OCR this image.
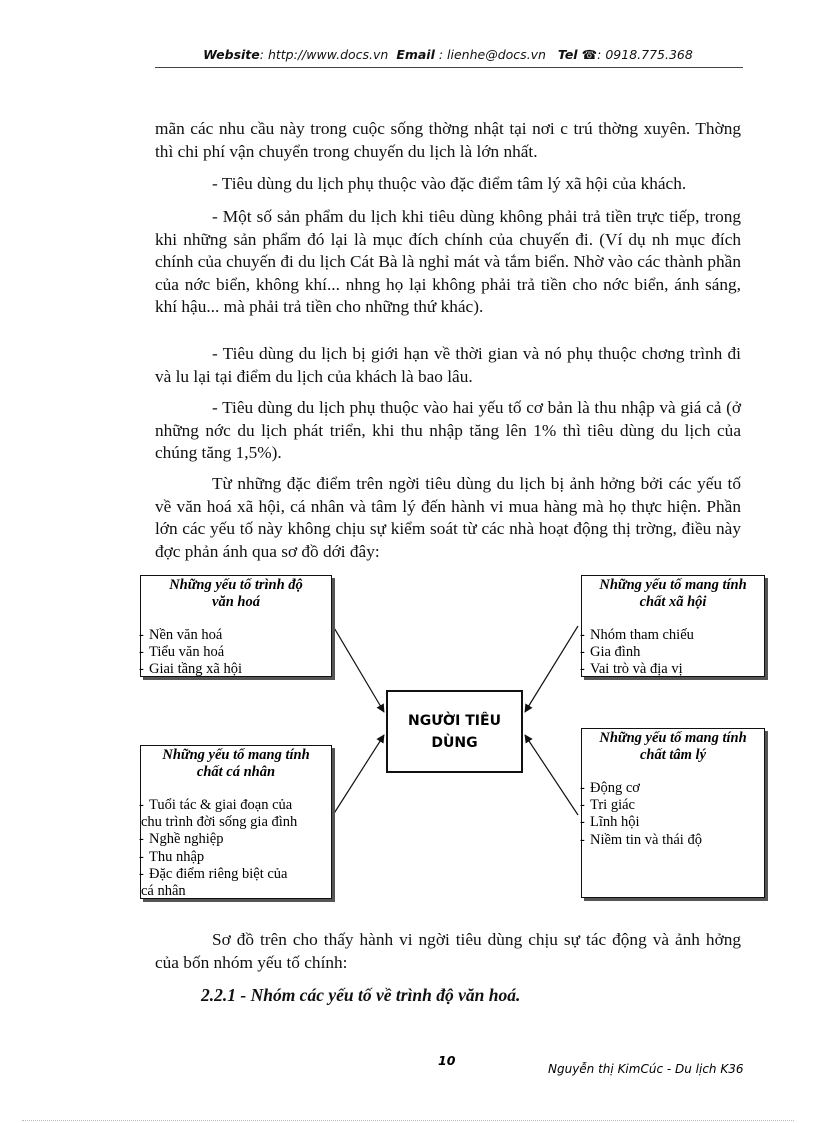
Website: http://www.docs.vn Email : lienhe@docs.vn Tel ☎: 0918.775.368

mãn các nhu cầu này trong cuộc sống thờng nhật tại nơi c trú thờng xuyên. Thờng thì chi phí vận chuyển trong chuyến du lịch là lớn nhất.

- Tiêu dùng du lịch phụ thuộc vào đặc điểm tâm lý xã hội của khách.

- Một số sản phẩm du lịch khi tiêu dùng không phải trả tiền trực tiếp, trong khi những sản phẩm đó lại là mục đích chính của chuyến đi. (Ví dụ nh mục đích chính của chuyến đi du lịch Cát Bà là nghỉ mát và tắm biển. Nhờ vào các thành phần của nớc biển, không khí... nhng họ lại không phải trả tiền cho nớc biển, ánh sáng, khí hậu... mà phải trả tiền cho những thứ khác).

- Tiêu dùng du lịch bị giới hạn về thời gian và nó phụ thuộc chơng trình đi và lu lại tại điểm du lịch của khách là bao lâu.

- Tiêu dùng du lịch phụ thuộc vào hai yếu tố cơ bản là thu nhập và giá cả (ở những nớc du lịch phát triển, khi thu nhập tăng lên 1% thì tiêu dùng du lịch của chúng tăng 1,5%).

Từ những đặc điểm trên ngời tiêu dùng du lịch bị ảnh hởng bởi các yếu tố về văn hoá xã hội, cá nhân và tâm lý đến hành vi mua hàng mà họ thực hiện. Phần lớn các yếu tố này không chịu sự kiểm soát từ các nhà hoạt động thị trờng, điều này đợc phản ánh qua sơ đồ dới đây:

Sơ đồ trên cho thấy hành vi ngời tiêu dùng chịu sự tác động và ảnh hởng của bốn nhóm yếu tố chính:

Những yếu tố trình độ
văn hoá
- Nền văn hoá
- Tiểu văn hoá
- Giai tầng xã hội
Những yếu tố mang tính
chất xã hội
- Nhóm tham chiếu
- Gia đình
- Vai trò và địa vị
NGƯỜI TIÊU
DÙNG
Những yếu tố mang tính
chất cá nhân
- Tuổi tác & giai đoạn của
chu trình đời sống gia đình
- Nghề nghiệp
- Thu nhập
- Đặc điểm riêng biệt của
cá nhân
Những yếu tố mang tính
chất tâm lý
- Động cơ
- Tri giác
- Lĩnh hội
- Niềm tin và thái độ
2.2.1 - Nhóm các yếu tố về trình độ văn hoá.
10
Nguyễn thị KimCúc - Du lịch K36
